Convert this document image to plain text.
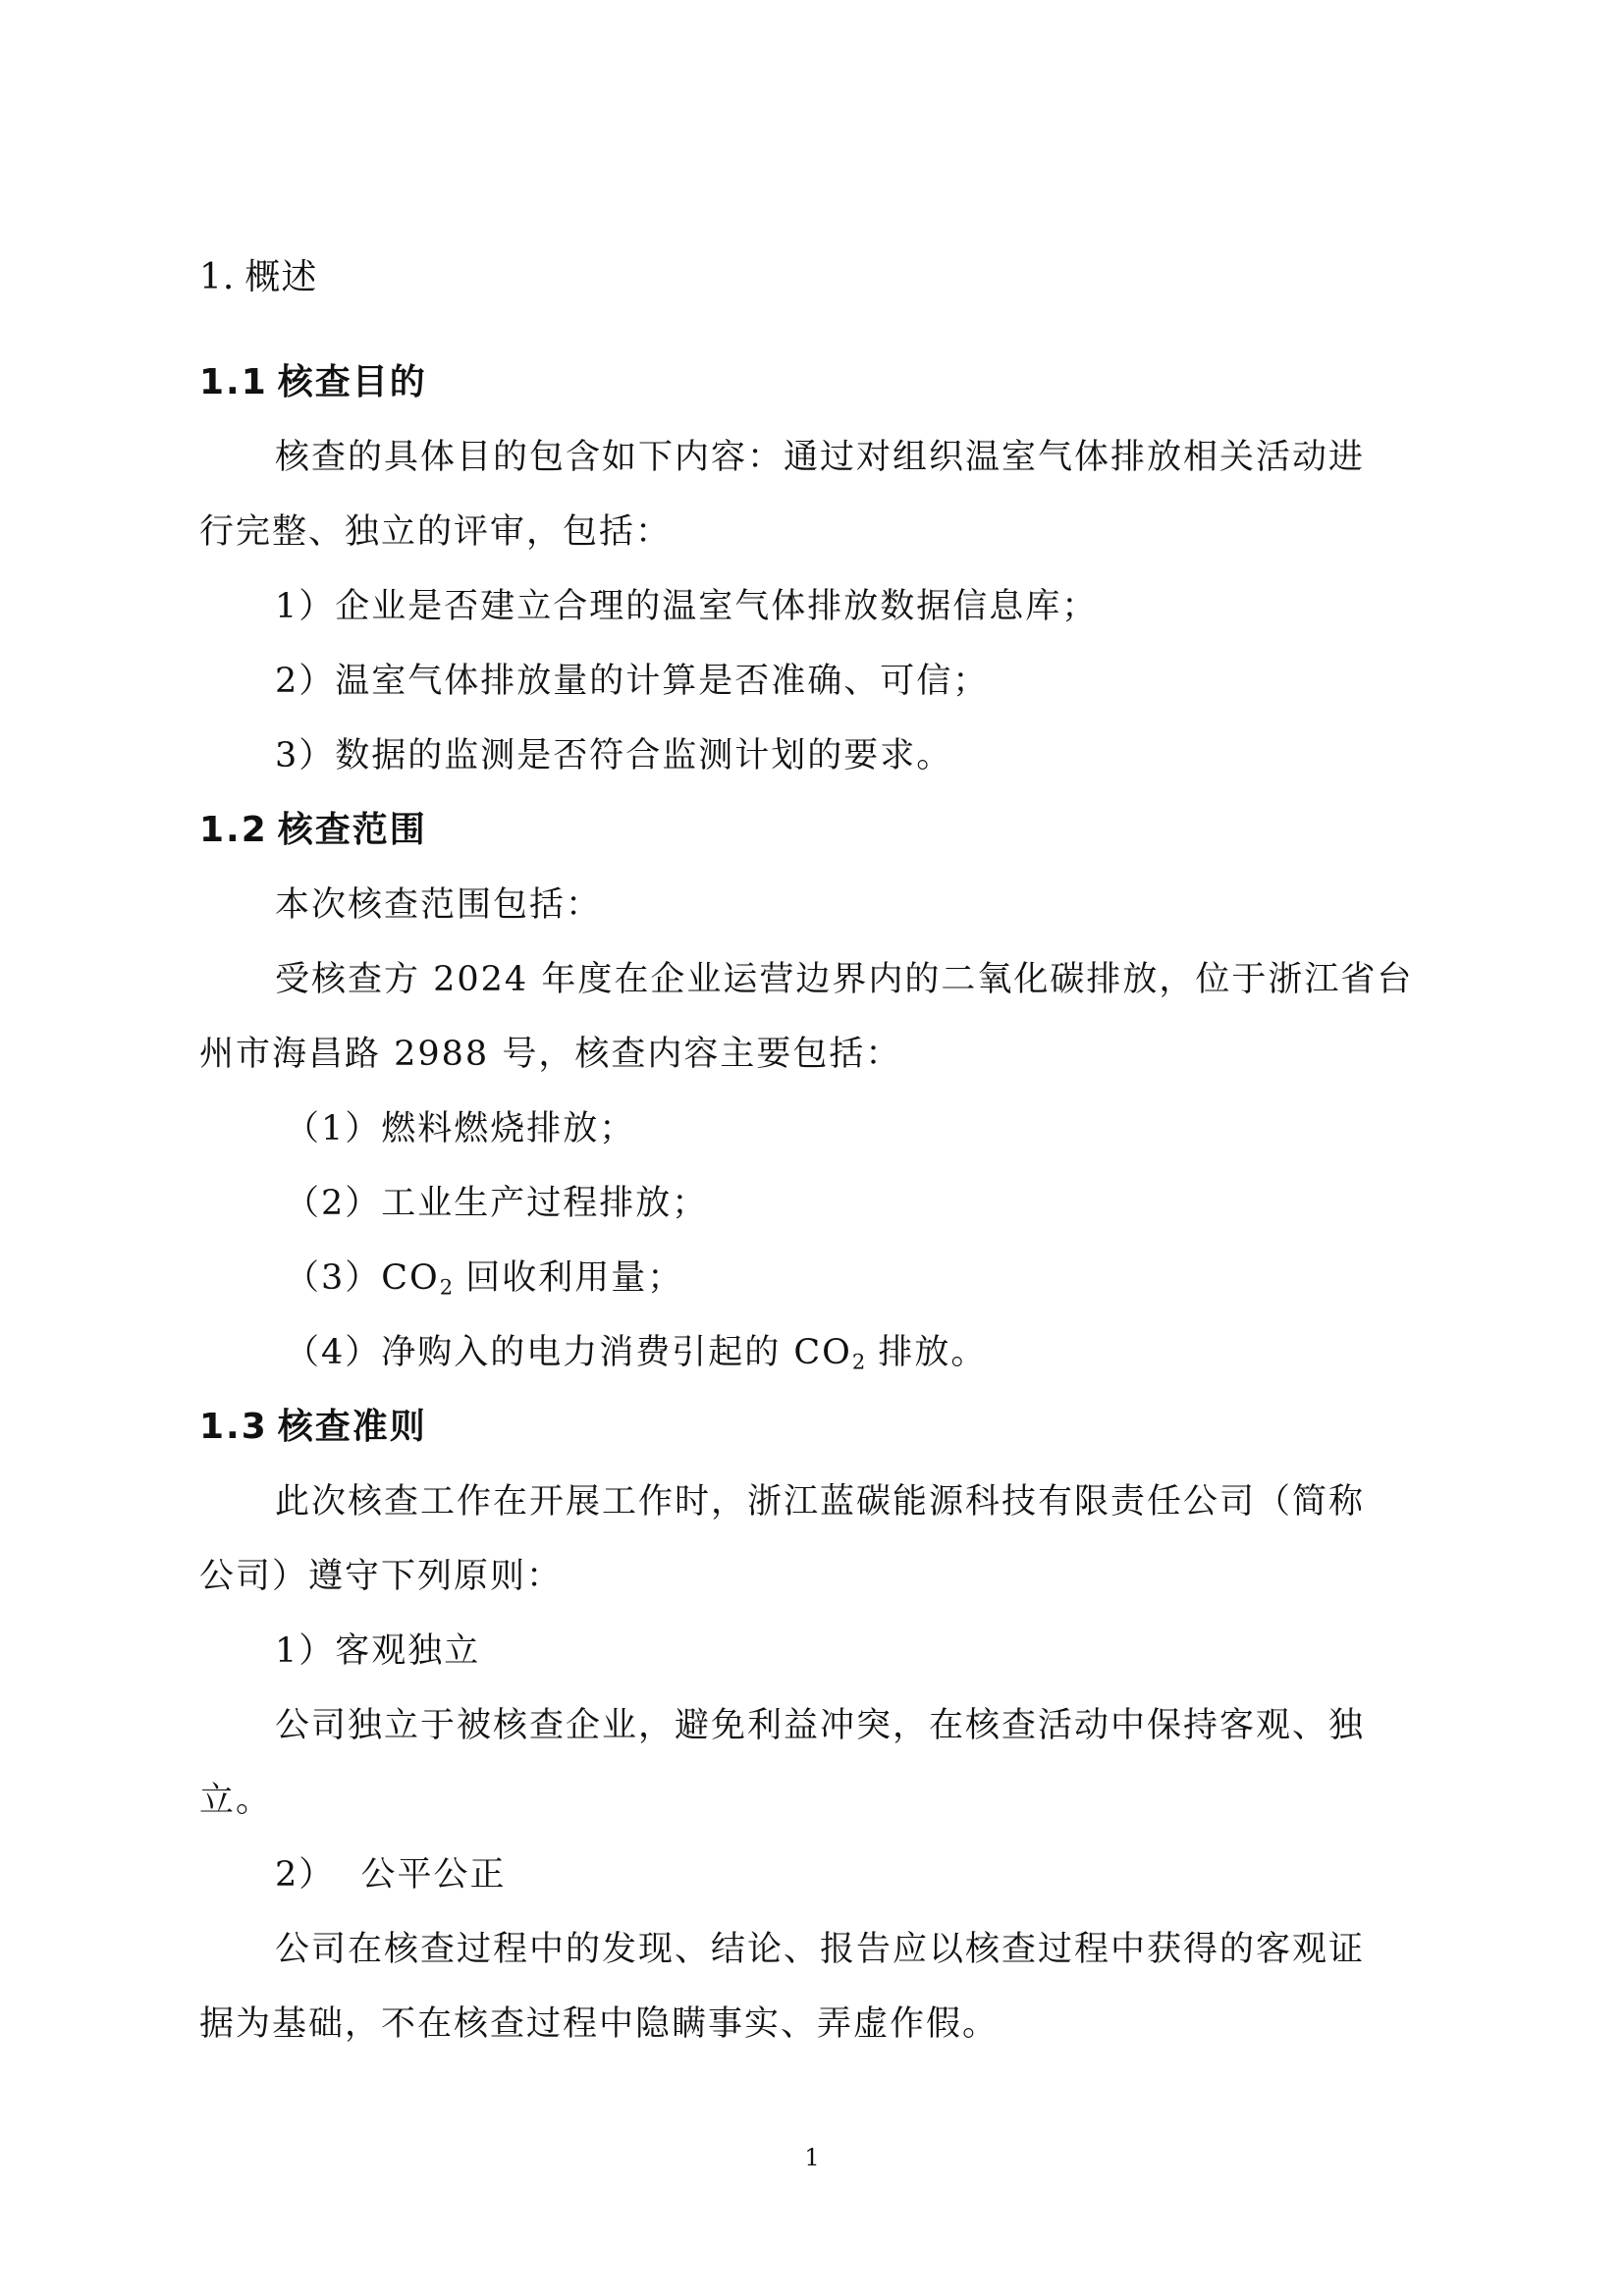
1. 概述
1.1 核查目的
核查的具体目的包含如下内容：通过对组织温室气体排放相关活动进
行完整、独立的评审，包括：
1）企业是否建立合理的温室气体排放数据信息库；
2）温室气体排放量的计算是否准确、可信；
3）数据的监测是否符合监测计划的要求。
1.2 核查范围
本次核查范围包括：
受核查方 2024 年度在企业运营边界内的二氧化碳排放，位于浙江省台
州市海昌路 2988 号，核查内容主要包括：
（1）燃料燃烧排放；
（2）工业生产过程排放；
$(3)CO_2$ 回收利用量；
（4）净购入的电力消费引起的 $CO_2$ 排放。
1.3 核查准则
此次核查工作在开展工作时，浙江蓝碳能源科技有限责任公司（简称
公司）遵守下列原则：
1）客观独立
公司独立于被核查企业，避免利益冲突，在核查活动中保持客观、独
立。
2）  公平公正
公司在核查过程中的发现、结论、报告应以核查过程中获得的客观证
据为基础，不在核查过程中隐瞒事实、弄虚作假。
1
